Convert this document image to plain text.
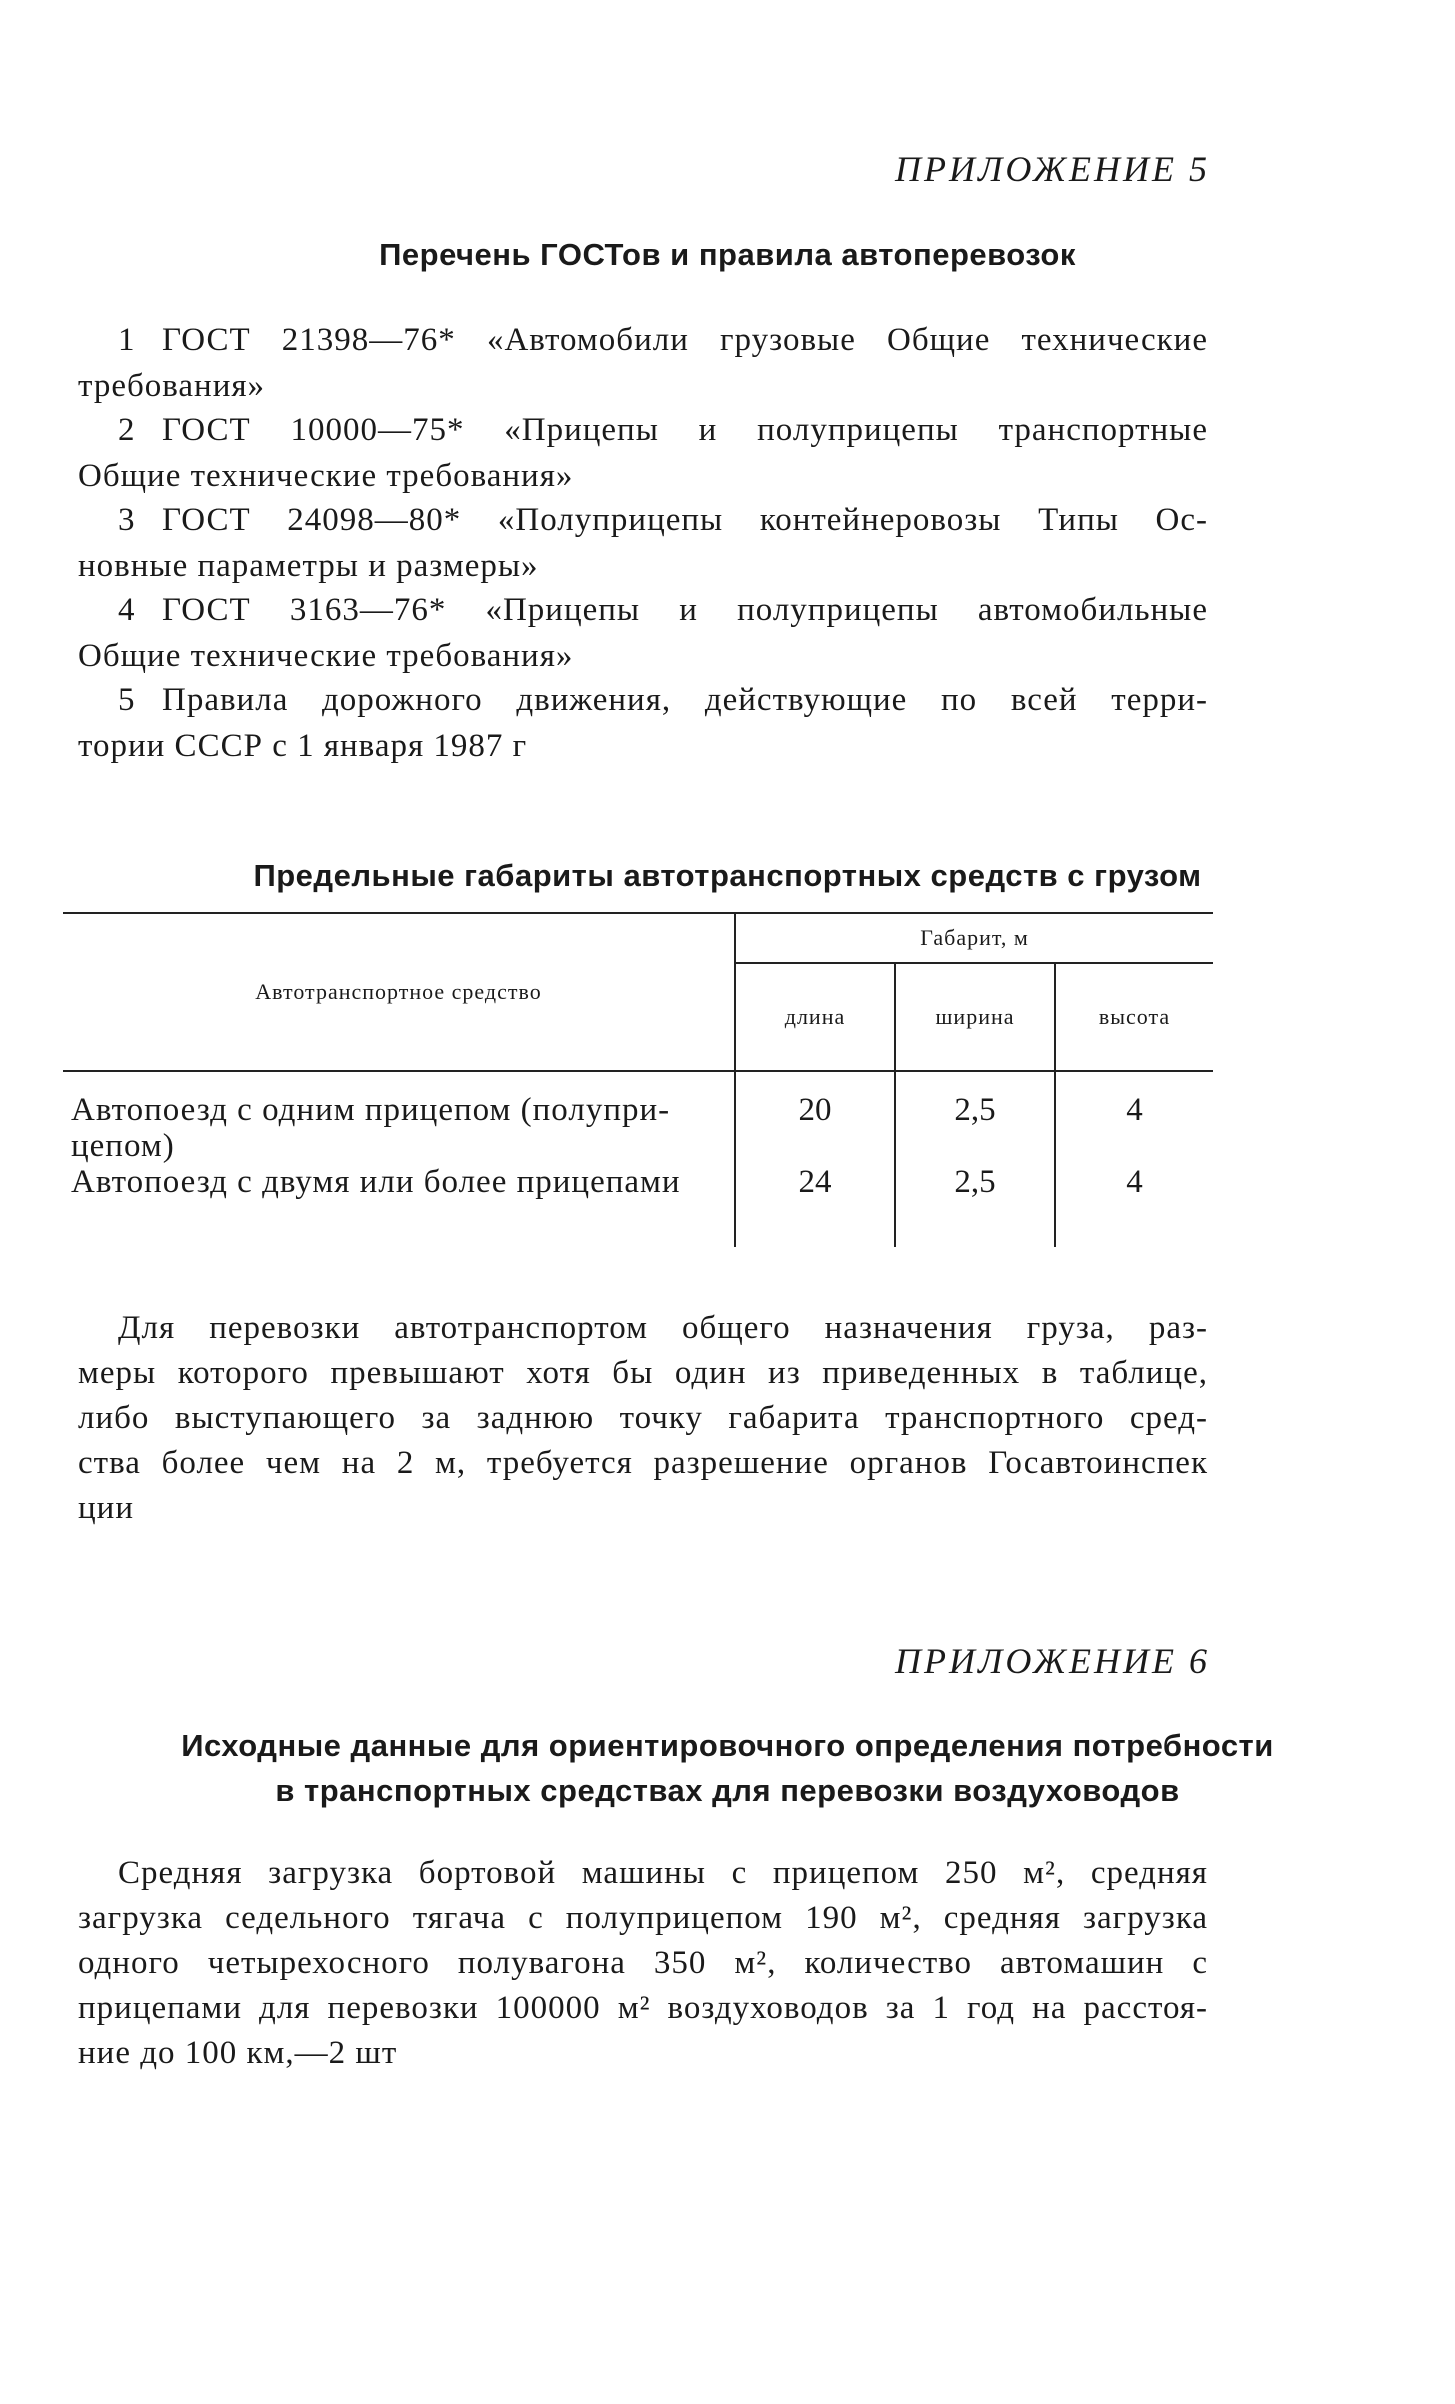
ПРИЛОЖЕНИЕ 5
Перечень ГОСТов и правила автоперевозок
1 ГОСТ 21398—76* «Автомобили грузовые Общие технические
требования»
2 ГОСТ 10000—75* «Прицепы и полуприцепы транспортные
Общие технические требования»
3 ГОСТ 24098—80* «Полуприцепы контейнеровозы Типы Ос-
новные параметры и размеры»
4 ГОСТ 3163—76* «Прицепы и полуприцепы автомобильные
Общие технические требования»
5 Правила дорожного движения, действующие по всей терри-
тории СССР с 1 января 1987 г
Предельные габариты автотранспортных средств с грузом
Автотранспортное средство	Габарит, м		
	длина	ширина	высота

Автопоезд с одним прицепом (полупри-
цепом)	20	2,5	4
Автопоезд с двумя или более прицепами	24	2,5	4
Для перевозки автотранспортом общего назначения груза, раз-
меры которого превышают хотя бы один из приведенных в таблице,
либо выступающего за заднюю точку габарита транспортного сред-
ства более чем на 2 м, требуется разрешение органов Госавтоинспек
ции
ПРИЛОЖЕНИЕ 6
Исходные данные для ориентировочного определения потребности
в транспортных средствах для перевозки воздуховодов
Средняя загрузка бортовой машины с прицепом 250 м², средняя
загрузка седельного тягача с полуприцепом 190 м², средняя загрузка
одного четырехосного полувагона 350 м², количество автомашин с
прицепами для перевозки 100000 м² воздуховодов за 1 год на расстоя-
ние до 100 км,—2 шт
